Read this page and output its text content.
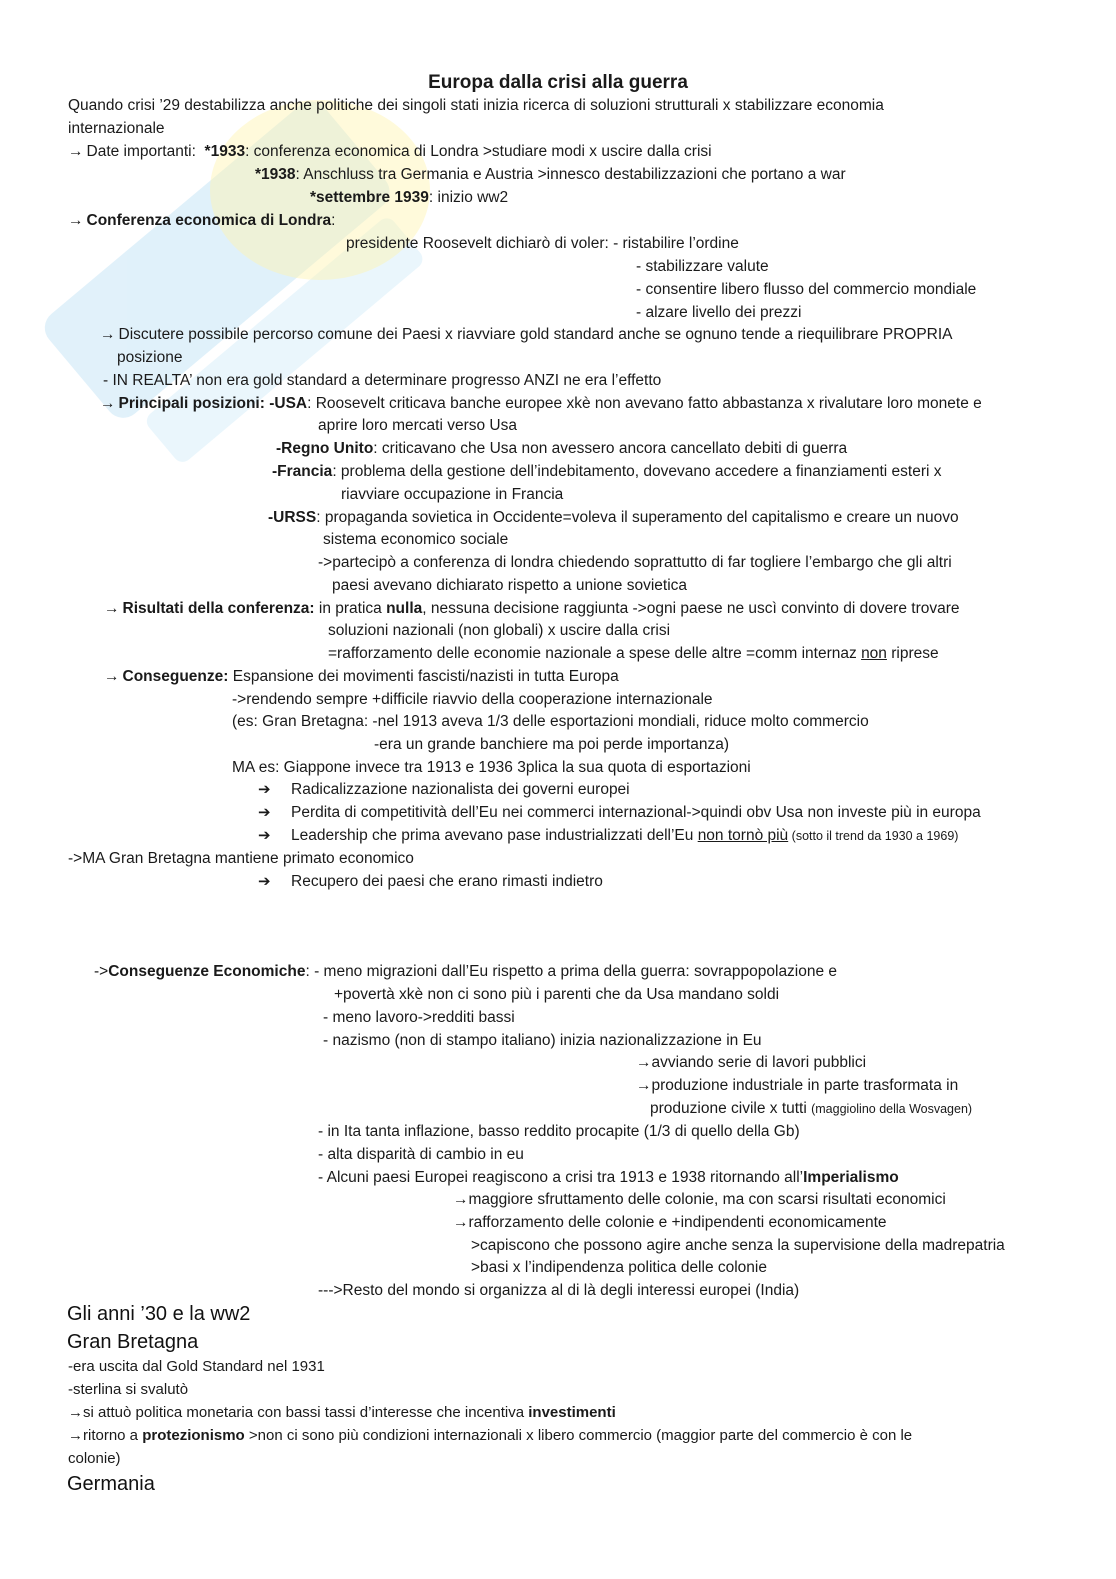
Europa dalla crisi alla guerra
Quando crisi ’29 destabilizza anche politiche dei singoli stati inizia ricerca di soluzioni strutturali x stabilizzare economia
internazionale
→ Date importanti: *1933: conferenza economica di Londra >studiare modi x uscire dalla crisi
*1938: Anschluss tra Germania e Austria >innesco destabilizzazioni che portano a war
*settembre 1939: inizio ww2
→ Conferenza economica di Londra:
presidente Roosevelt dichiarò di voler: - ristabilire l’ordine
- stabilizzare valute
- consentire libero flusso del commercio mondiale
- alzare livello dei prezzi
→ Discutere possibile percorso comune dei Paesi x riavviare gold standard anche se ognuno tende a riequilibrare PROPRIA
posizione
- IN REALTA’ non era gold standard a determinare progresso ANZI ne era l’effetto
→ Principali posizioni: -USA: Roosevelt criticava banche europee xkè non avevano fatto abbastanza x rivalutare loro monete e
aprire loro mercati verso Usa
-Regno Unito: criticavano che Usa non avessero ancora cancellato debiti di guerra
-Francia: problema della gestione dell’indebitamento, dovevano accedere a finanziamenti esteri x
riavviare occupazione in Francia
-URSS: propaganda sovietica in Occidente=voleva il superamento del capitalismo e creare un nuovo
sistema economico sociale
->partecipò a conferenza di londra chiedendo soprattutto di far togliere l’embargo che gli altri
paesi avevano dichiarato rispetto a unione sovietica
→ Risultati della conferenza: in pratica nulla, nessuna decisione raggiunta ->ogni paese ne uscì convinto di dovere trovare
soluzioni nazionali (non globali) x uscire dalla crisi
=rafforzamento delle economie nazionale a spese delle altre =comm internaz non riprese
→ Conseguenze: Espansione dei movimenti fascisti/nazisti in tutta Europa
->rendendo sempre +difficile riavvio della cooperazione internazionale
(es: Gran Bretagna: -nel 1913 aveva 1/3 delle esportazioni mondiali, riduce molto commercio
-era un grande banchiere ma poi perde importanza)
MA es: Giappone invece tra 1913 e 1936 3plica la sua quota di esportazioni
➔ Radicalizzazione nazionalista dei governi europei
➔ Perdita di competitività dell’Eu nei commerci internazional->quindi obv Usa non investe più in europa
➔ Leadership che prima avevano pase industrializzati dell’Eu non tornò più (sotto il trend da 1930 a 1969)
->MA Gran Bretagna mantiene primato economico
➔ Recupero dei paesi che erano rimasti indietro
->Conseguenze Economiche: - meno migrazioni dall’Eu rispetto a prima della guerra: sovrappopolazione e
+povertà xkè non ci sono più i parenti che da Usa mandano soldi
- meno lavoro->redditi bassi
- nazismo (non di stampo italiano) inizia nazionalizzazione in Eu
→avviando serie di lavori pubblici
→produzione industriale in parte trasformata in
produzione civile x tutti (maggiolino della Wosvagen)
- in Ita tanta inflazione, basso reddito procapite (1/3 di quello della Gb)
- alta disparità di cambio in eu
- Alcuni paesi Europei reagiscono a crisi tra 1913 e 1938 ritornando all’Imperialismo
→maggiore sfruttamento delle colonie, ma con scarsi risultati economici
→rafforzamento delle colonie e +indipendenti economicamente
>capiscono che possono agire anche senza la supervisione della madrepatria
>basi x l’indipendenza politica delle colonie
--->Resto del mondo si organizza al di là degli interessi europei (India)
Gli anni ’30 e la ww2
Gran Bretagna
-era uscita dal Gold Standard nel 1931
-sterlina si svalutò
→si attuò politica monetaria con bassi tassi d’interesse che incentiva investimenti
→ritorno a protezionismo >non ci sono più condizioni internazionali x libero commercio (maggior parte del commercio è con le
colonie)
Germania
